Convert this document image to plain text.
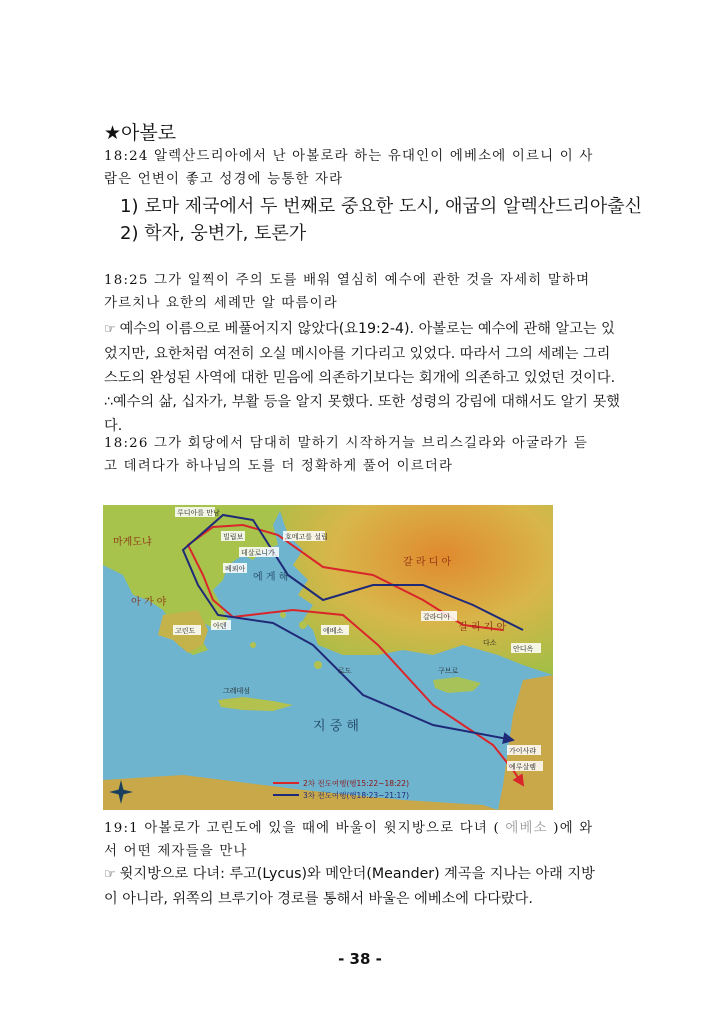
★아볼로
18:24 알렉산드리아에서 난 아볼로라 하는 유대인이 에베소에 이르니 이 사
람은 언변이 좋고 성경에 능통한 자라
1) 로마 제국에서 두 번째로 중요한 도시, 애굽의 알렉산드리아출신
2) 학자, 웅변가, 토론가
18:25 그가 일찍이 주의 도를 배워 열심히 예수에 관한 것을 자세히 말하며
가르치나 요한의 세례만 알 따름이라
☞ 예수의 이름으로 베풀어지지 않았다(요19:2-4). 아볼로는 예수에 관해 알고는 있
었지만, 요한처럼 여전히 오실 메시아를 기다리고 있었다. 따라서 그의 세례는 그리
스도의 완성된 사역에 대한 믿음에 의존하기보다는 회개에 의존하고 있었던 것이다.
∴예수의 삶, 십자가, 부활 등을 알지 못했다. 또한 성령의 강림에 대해서도 알기 못했다.
18:26 그가 회당에서 담대히 말하기 시작하거늘 브리스길라와 아굴라가 듣
고 데려다가 하나님의 도를 더 정확하게 풀어 이르더라
지 중 해
에 게 해
갈 라 디 아
길 리 기 아
아 가 야
마게도냐
루디아를 만남
호메고를 설립
빌립보
데살로니가
베뢰아
아덴
고린도	에베소
갈라디아
구브로
가이사랴
예루살렘
안디옥
다소
그레데섬
로도
2차 전도여행(행15:22~18:22)
3차 전도여행(행18:23~21:17)
19:1 아볼로가 고린도에 있을 때에 바울이 윗지방으로 다녀 ( 에베소 )에 와
서 어떤 제자들을 만나
☞ 윗지방으로 다녀: 루고(Lycus)와 메안더(Meander) 계곡을 지나는 아래 지방
이 아니라, 위쪽의 브루기아 경로를 통해서 바울은 에베소에 다다랐다.
- 38 -
